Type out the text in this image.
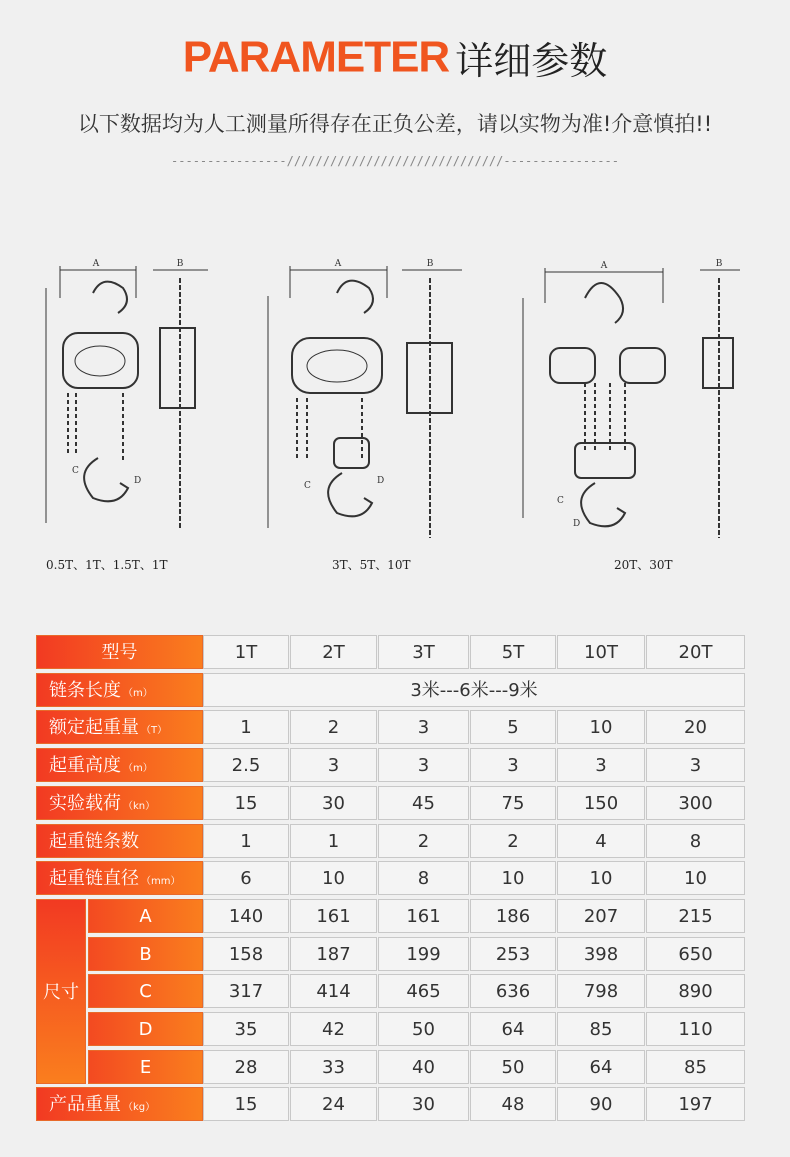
PARAMETER 详细参数
以下数据均为人工测量所得存在正负公差，请以实物为准!介意慎拍!!
----------------//////////////////////////////----------------
A	B
C
D
0.5T、1T、1.5T、1T
A	B
C	D
3T、5T、10T
A	B
C
D
20T、30T
型号	1T	2T	3T	5T	10T	20T
链条长度 （m）	3米---6米---9米
额定起重量 （T）	1	2	3	5	10	20
起重高度 （m）	2.5	3	3	3	3	3
实验载荷 （kn）	15	30	45	75	150	300
起重链条数	1	1	2	2	4	8
起重链直径 （mm）	6	10	8	10	10	10
A	140	161	161	186	207	215
B	158	187	199	253	398	650
C	317	414	465	636	798	890
D	35	42	50	64	85	110
E	28	33	40	50	64	85
产品重量 （kg）	15	24	30	48	90	197
尺寸
